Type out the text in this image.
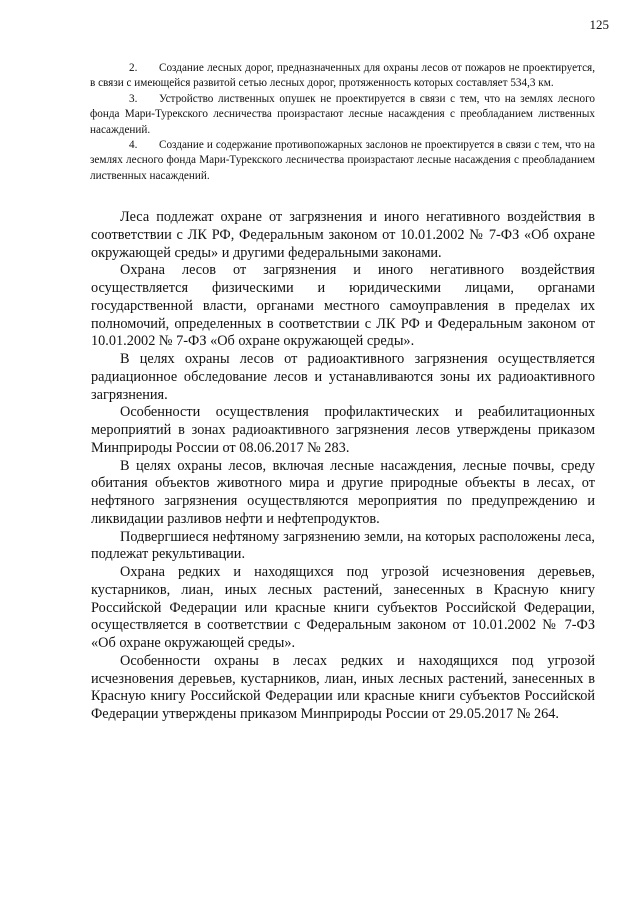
125

2. Создание лесных дорог, предназначенных для охраны лесов от пожаров не проектируется, в связи с имеющейся развитой сетью лесных дорог, протяженность которых составляет 534,3 км.

3. Устройство лиственных опушек не проектируется в связи с тем, что на землях лесного фонда Мари-Турекского лесничества произрастают лесные насаждения с преобладанием лиственных насаждений.

4. Создание и содержание противопожарных заслонов не проектируется в связи с тем, что на землях лесного фонда Мари-Турекского лесничества произрастают лесные насаждения с преобладанием лиственных насаждений.

Леса подлежат охране от загрязнения и иного негативного воздействия в соответствии с ЛК РФ, Федеральным законом от 10.01.2002 № 7-ФЗ «Об охране окружающей среды» и другими федеральными законами.

Охрана лесов от загрязнения и иного негативного воздействия осуществляется физическими и юридическими лицами, органами государственной власти, органами местного самоуправления в пределах их полномочий, определенных в соответствии с ЛК РФ и Федеральным законом от 10.01.2002 № 7-ФЗ «Об охране окружающей среды».

В целях охраны лесов от радиоактивного загрязнения осуществляется радиационное обследование лесов и устанавливаются зоны их радиоактивного загрязнения.

Особенности осуществления профилактических и реабилитационных мероприятий в зонах радиоактивного загрязнения лесов утверждены приказом Минприроды России от 08.06.2017 № 283.

В целях охраны лесов, включая лесные насаждения, лесные почвы, среду обитания объектов животного мира и другие природные объекты в лесах, от нефтяного загрязнения осуществляются мероприятия по предупреждению и ликвидации разливов нефти и нефтепродуктов.

Подвергшиеся нефтяному загрязнению земли, на которых расположены леса, подлежат рекультивации.

Охрана редких и находящихся под угрозой исчезновения деревьев, кустарников, лиан, иных лесных растений, занесенных в Красную книгу Российской Федерации или красные книги субъектов Российской Федерации, осуществляется в соответствии с Федеральным законом от 10.01.2002 № 7-ФЗ «Об охране окружающей среды».

Особенности охраны в лесах редких и находящихся под угрозой исчезновения деревьев, кустарников, лиан, иных лесных растений, занесенных в Красную книгу Российской Федерации или красные книги субъектов Российской Федерации утверждены приказом Минприроды России от 29.05.2017 № 264.
